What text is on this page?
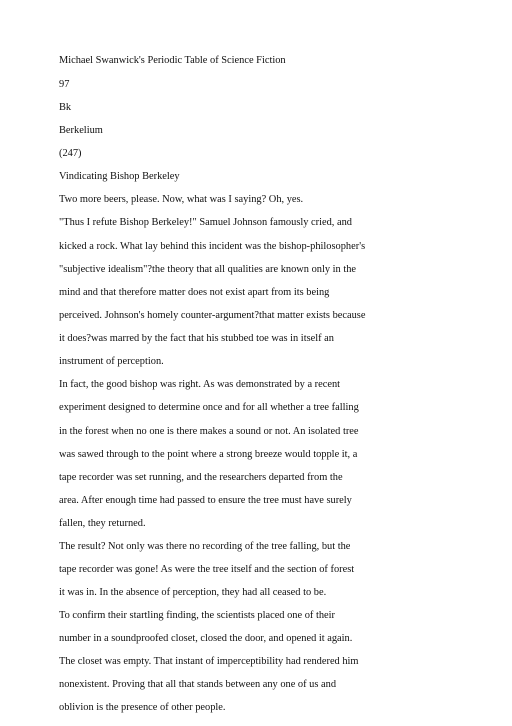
Michael Swanwick's Periodic Table of Science Fiction

97

Bk

Berkelium

(247)

Vindicating Bishop Berkeley

Two more beers, please. Now, what was I saying? Oh, yes.

"Thus I refute Bishop Berkeley!" Samuel Johnson famously cried, and

kicked a rock. What lay behind this incident was the bishop-philosopher's

"subjective idealism"?the theory that all qualities are known only in the

mind and that therefore matter does not exist apart from its being

perceived. Johnson's homely counter-argument?that matter exists because

it does?was marred by the fact that his stubbed toe was in itself an

instrument of perception.

In fact, the good bishop was right. As was demonstrated by a recent

experiment designed to determine once and for all whether a tree falling

in the forest when no one is there makes a sound or not. An isolated tree

was sawed through to the point where a strong breeze would topple it, a

tape recorder was set running, and the researchers departed from the

area. After enough time had passed to ensure the tree must have surely

fallen, they returned.

The result? Not only was there no recording of the tree falling, but the

tape recorder was gone! As were the tree itself and the section of forest

it was in. In the absence of perception, they had all ceased to be.

To confirm their startling finding, the scientists placed one of their

number in a soundproofed closet, closed the door, and opened it again.

The closet was empty. That instant of imperceptibility had rendered him

nonexistent. Proving that all that stands between any one of us and

oblivion is the presence of other people.
